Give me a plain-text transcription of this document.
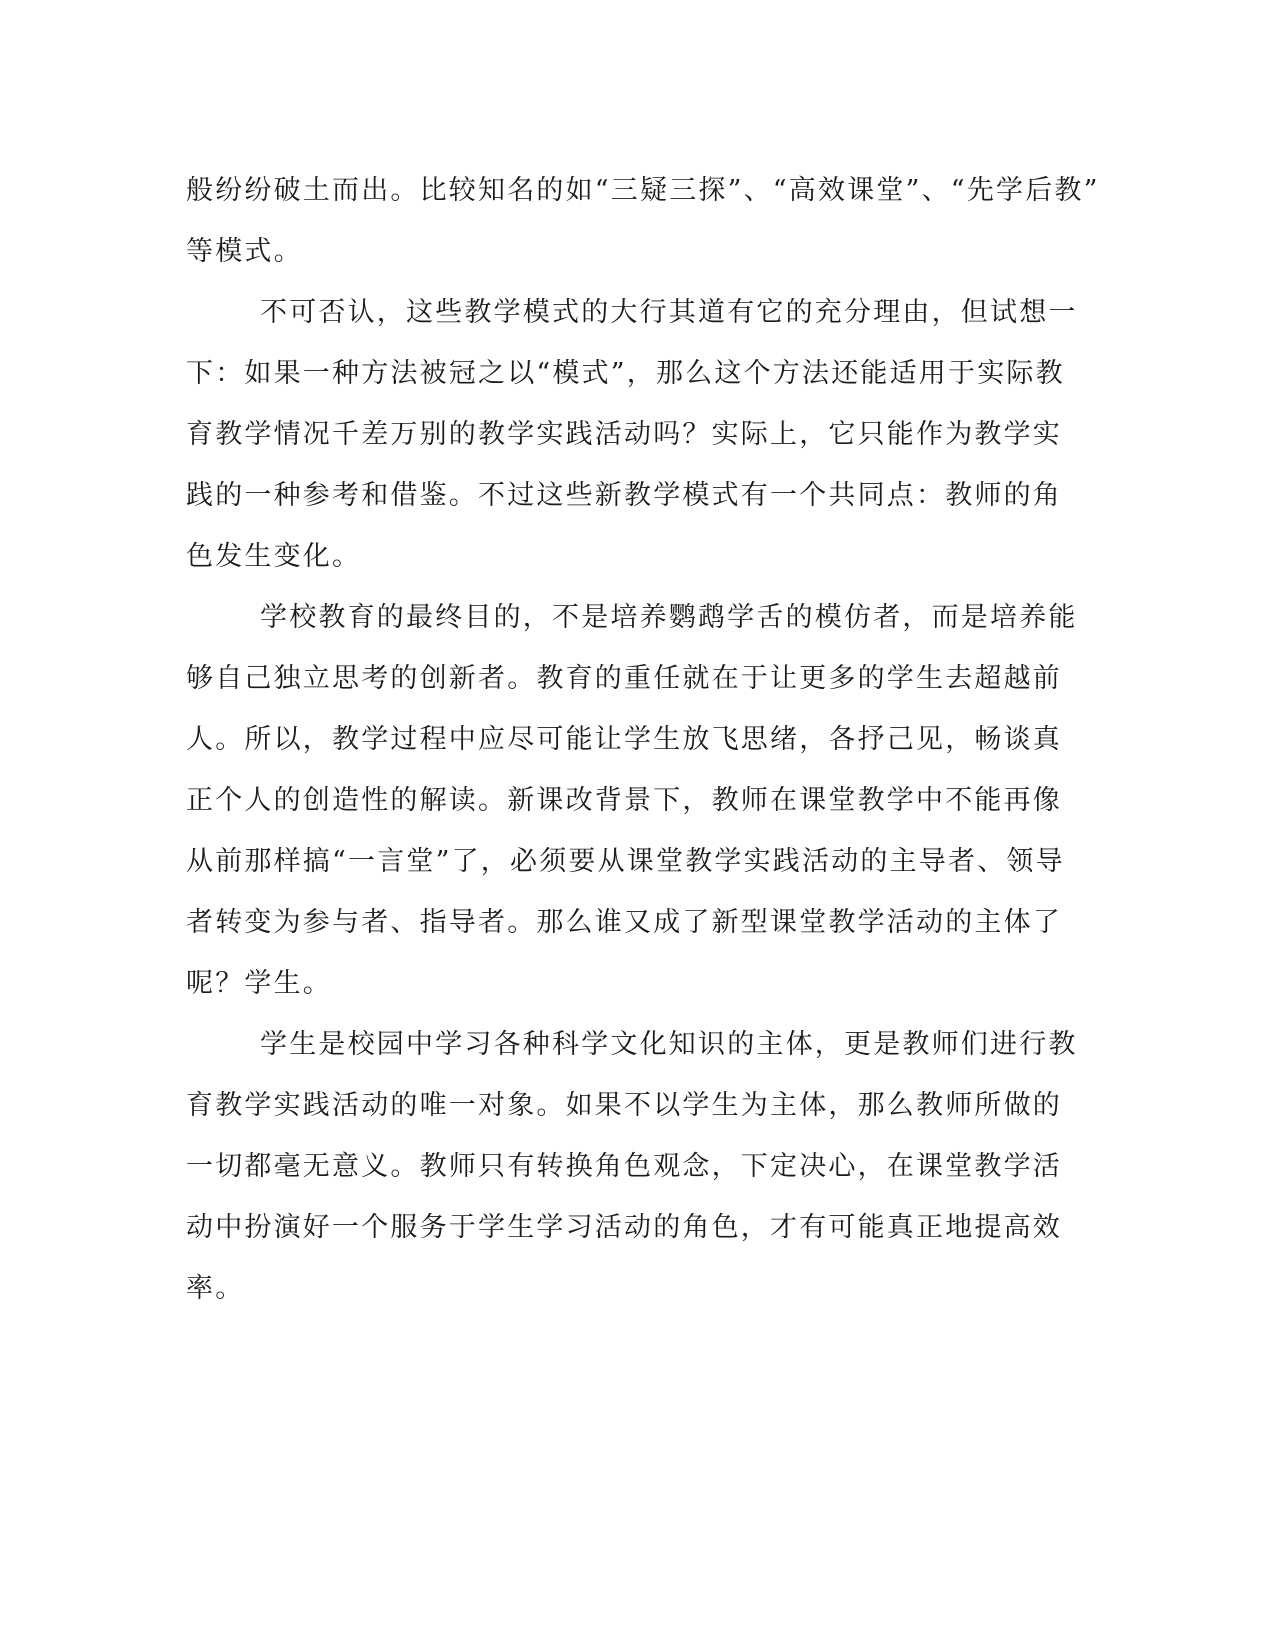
般纷纷破土而出。比较知名的如“三疑三探”、“高效课堂”、“先学后教”
等模式。
不可否认，这些教学模式的大行其道有它的充分理由，但试想一
下：如果一种方法被冠之以“模式”，那么这个方法还能适用于实际教
育教学情况千差万别的教学实践活动吗？实际上，它只能作为教学实
践的一种参考和借鉴。不过这些新教学模式有一个共同点：教师的角
色发生变化。
学校教育的最终目的，不是培养鹦鹉学舌的模仿者，而是培养能
够自己独立思考的创新者。教育的重任就在于让更多的学生去超越前
人。所以，教学过程中应尽可能让学生放飞思绪，各抒己见，畅谈真
正个人的创造性的解读。新课改背景下，教师在课堂教学中不能再像
从前那样搞“一言堂”了，必须要从课堂教学实践活动的主导者、领导
者转变为参与者、指导者。那么谁又成了新型课堂教学活动的主体了
呢？学生。
学生是校园中学习各种科学文化知识的主体，更是教师们进行教
育教学实践活动的唯一对象。如果不以学生为主体，那么教师所做的
一切都毫无意义。教师只有转换角色观念，下定决心，在课堂教学活
动中扮演好一个服务于学生学习活动的角色，才有可能真正地提高效
率。
